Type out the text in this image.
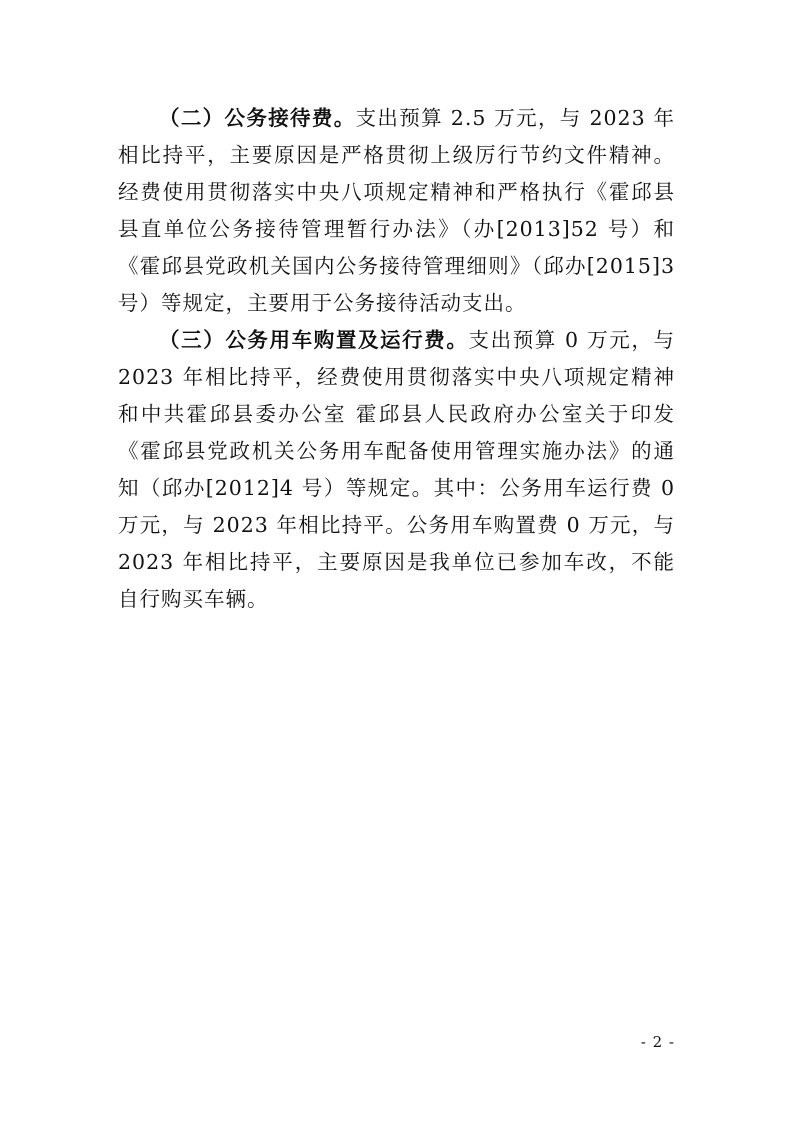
（二）公务接待费。支出预算 2.5 万元，与 2023 年相比持平，主要原因是严格贯彻上级厉行节约文件精神。经费使用贯彻落实中央八项规定精神和严格执行《霍邱县县直单位公务接待管理暂行办法》（办[2013]52 号）和《霍邱县党政机关国内公务接待管理细则》（邱办[2015]3 号）等规定，主要用于公务接待活动支出。

（三）公务用车购置及运行费。支出预算 0 万元，与 2023 年相比持平，经费使用贯彻落实中央八项规定精神和中共霍邱县委办公室 霍邱县人民政府办公室关于印发《霍邱县党政机关公务用车配备使用管理实施办法》的通知（邱办[2012]4 号）等规定。其中：公务用车运行费 0 万元，与 2023 年相比持平。公务用车购置费 0 万元，与 2023 年相比持平，主要原因是我单位已参加车改，不能自行购买车辆。

- 2 -
